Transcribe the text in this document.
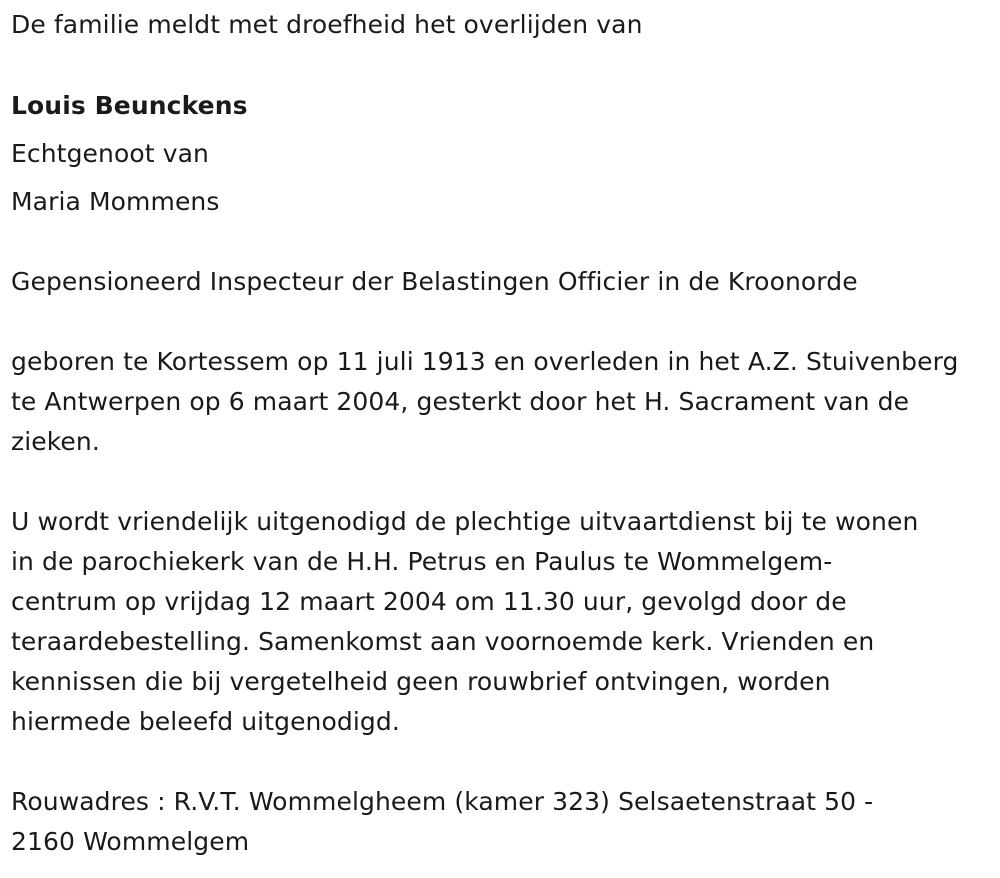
De familie meldt met droefheid het overlijden van
Louis Beunckens
Echtgenoot van
Maria Mommens
Gepensioneerd Inspecteur der Belastingen Officier in de Kroonorde
geboren te Kortessem op 11 juli 1913 en overleden in het A.Z. Stuivenberg
te Antwerpen op 6 maart 2004, gesterkt door het H. Sacrament van de
zieken.
U wordt vriendelijk uitgenodigd de plechtige uitvaartdienst bij te wonen
in de parochiekerk van de H.H. Petrus en Paulus te Wommelgem-
centrum op vrijdag 12 maart 2004 om 11.30 uur, gevolgd door de
teraardebestelling. Samenkomst aan voornoemde kerk. Vrienden en
kennissen die bij vergetelheid geen rouwbrief ontvingen, worden
hiermede beleefd uitgenodigd.
Rouwadres : R.V.T. Wommelgheem (kamer 323) Selsaetenstraat 50 -
2160 Wommelgem
